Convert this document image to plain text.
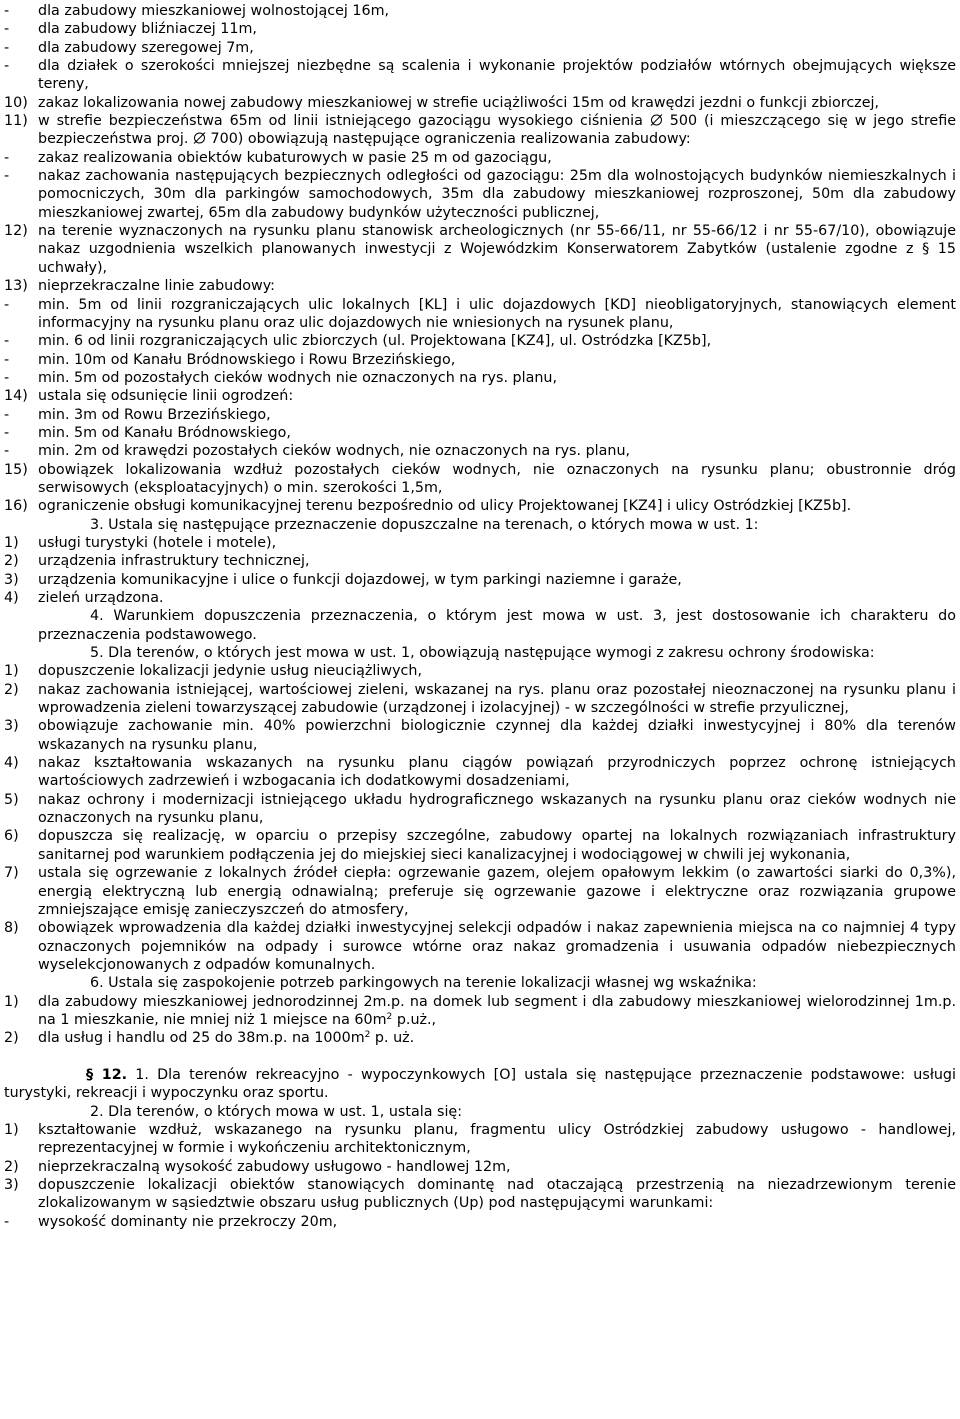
- dla zabudowy mieszkaniowej wolnostojącej 16m,

- dla zabudowy bliźniaczej 11m,

- dla zabudowy szeregowej 7m,

- dla działek o szerokości mniejszej niezbędne są scalenia i wykonanie projektów podziałów wtórnych obejmujących większe tereny,

10) zakaz lokalizowania nowej zabudowy mieszkaniowej w strefie uciążliwości 15m od krawędzi jezdni o funkcji zbiorczej,

11) w strefie bezpieczeństwa 65m od linii istniejącego gazociągu wysokiego ciśnienia 500 (i mieszczącego się w jego strefie bezpieczeństwa proj. 700) obowiązują następujące ograniczenia realizowania zabudowy:

- zakaz realizowania obiektów kubaturowych w pasie 25 m od gazociągu,

- nakaz zachowania następujących bezpiecznych odległości od gazociągu: 25m dla wolnostojących budynków niemieszkalnych i pomocniczych, 30m dla parkingów samochodowych, 35m dla zabudowy mieszkaniowej rozproszonej, 50m dla zabudowy mieszkaniowej zwartej, 65m dla zabudowy budynków użyteczności publicznej,

12) na terenie wyznaczonych na rysunku planu stanowisk archeologicznych (nr 55-66/11, nr 55-66/12 i nr 55-67/10), obowiązuje nakaz uzgodnienia wszelkich planowanych inwestycji z Wojewódzkim Konserwatorem Zabytków (ustalenie zgodne z § 15 uchwały),

13) nieprzekraczalne linie zabudowy:

- min. 5m od linii rozgraniczających ulic lokalnych [KL] i ulic dojazdowych [KD] nieobligatoryjnych, stanowiących element informacyjny na rysunku planu oraz ulic dojazdowych nie wniesionych na rysunek planu,

- min. 6 od linii rozgraniczających ulic zbiorczych (ul. Projektowana [KZ4], ul. Ostródzka [KZ5b],

- min. 10m od Kanału Bródnowskiego i Rowu Brzezińskiego,

- min. 5m od pozostałych cieków wodnych nie oznaczonych na rys. planu,

14) ustala się odsunięcie linii ogrodzeń:

- min. 3m od Rowu Brzezińskiego,

- min. 5m od Kanału Bródnowskiego,

- min. 2m od krawędzi pozostałych cieków wodnych, nie oznaczonych na rys. planu,

15) obowiązek lokalizowania wzdłuż pozostałych cieków wodnych, nie oznaczonych na rysunku planu; obustronnie dróg serwisowych (eksploatacyjnych) o min. szerokości 1,5m,

16) ograniczenie obsługi komunikacyjnej terenu bezpośrednio od ulicy Projektowanej [KZ4] i ulicy Ostródzkiej [KZ5b].

3. Ustala się następujące przeznaczenie dopuszczalne na terenach, o których mowa w ust. 1:

1) usługi turystyki (hotele i motele),

2) urządzenia infrastruktury technicznej,

3) urządzenia komunikacyjne i ulice o funkcji dojazdowej, w tym parkingi naziemne i garaże,

4) zieleń urządzona.

4. Warunkiem dopuszczenia przeznaczenia, o którym jest mowa w ust. 3, jest dostosowanie ich charakteru do przeznaczenia podstawowego.

5. Dla terenów, o których jest mowa w ust. 1, obowiązują następujące wymogi z zakresu ochrony środowiska:

1) dopuszczenie lokalizacji jedynie usług nieuciążliwych,

2) nakaz zachowania istniejącej, wartościowej zieleni, wskazanej na rys. planu oraz pozostałej nieoznaczonej na rysunku planu i wprowadzenia zieleni towarzyszącej zabudowie (urządzonej i izolacyjnej) - w szczególności w strefie przyulicznej,

3) obowiązuje zachowanie min. 40% powierzchni biologicznie czynnej dla każdej działki inwestycyjnej i 80% dla terenów wskazanych na rysunku planu,

4) nakaz kształtowania wskazanych na rysunku planu ciągów powiązań przyrodniczych poprzez ochronę istniejących wartościowych zadrzewień i wzbogacania ich dodatkowymi dosadzeniami,

5) nakaz ochrony i modernizacji istniejącego układu hydrograficznego wskazanych na rysunku planu oraz cieków wodnych nie oznaczonych na rysunku planu,

6) dopuszcza się realizację, w oparciu o przepisy szczególne, zabudowy opartej na lokalnych rozwiązaniach infrastruktury sanitarnej pod warunkiem podłączenia jej do miejskiej sieci kanalizacyjnej i wodociągowej w chwili jej wykonania,

7) ustala się ogrzewanie z lokalnych źródeł ciepła: ogrzewanie gazem, olejem opałowym lekkim (o zawartości siarki do 0,3%), energią elektryczną lub energią odnawialną; preferuje się ogrzewanie gazowe i elektryczne oraz rozwiązania grupowe zmniejszające emisję zanieczyszczeń do atmosfery,

8) obowiązek wprowadzenia dla każdej działki inwestycyjnej selekcji odpadów i nakaz zapewnienia miejsca na co najmniej 4 typy oznaczonych pojemników na odpady i surowce wtórne oraz nakaz gromadzenia i usuwania odpadów niebezpiecznych wyselekcjonowanych z odpadów komunalnych.

6. Ustala się zaspokojenie potrzeb parkingowych na terenie lokalizacji własnej wg wskaźnika:

1) dla zabudowy mieszkaniowej jednorodzinnej 2m.p. na domek lub segment i dla zabudowy mieszkaniowej wielorodzinnej 1m.p. na 1 mieszkanie, nie mniej niż 1 miejsce na $60m^2$ p.uż.,

2) dla usług i handlu od 25 do 38m.p. na $1000m^2$ p. uż.

§ 12. 1. Dla terenów rekreacyjno - wypoczynkowych [O] ustala się następujące przeznaczenie podstawowe: usługi turystyki, rekreacji i wypoczynku oraz sportu.

2. Dla terenów, o których mowa w ust. 1, ustala się:

1) kształtowanie wzdłuż, wskazanego na rysunku planu, fragmentu ulicy Ostródzkiej zabudowy usługowo - handlowej, reprezentacyjnej w formie i wykończeniu architektonicznym,

2) nieprzekraczalną wysokość zabudowy usługowo - handlowej 12m,

3) dopuszczenie lokalizacji obiektów stanowiących dominantę nad otaczającą przestrzenią na niezadrzewionym terenie zlokalizowanym w sąsiedztwie obszaru usług publicznych (Up) pod następującymi warunkami:

- wysokość dominanty nie przekroczy 20m,
